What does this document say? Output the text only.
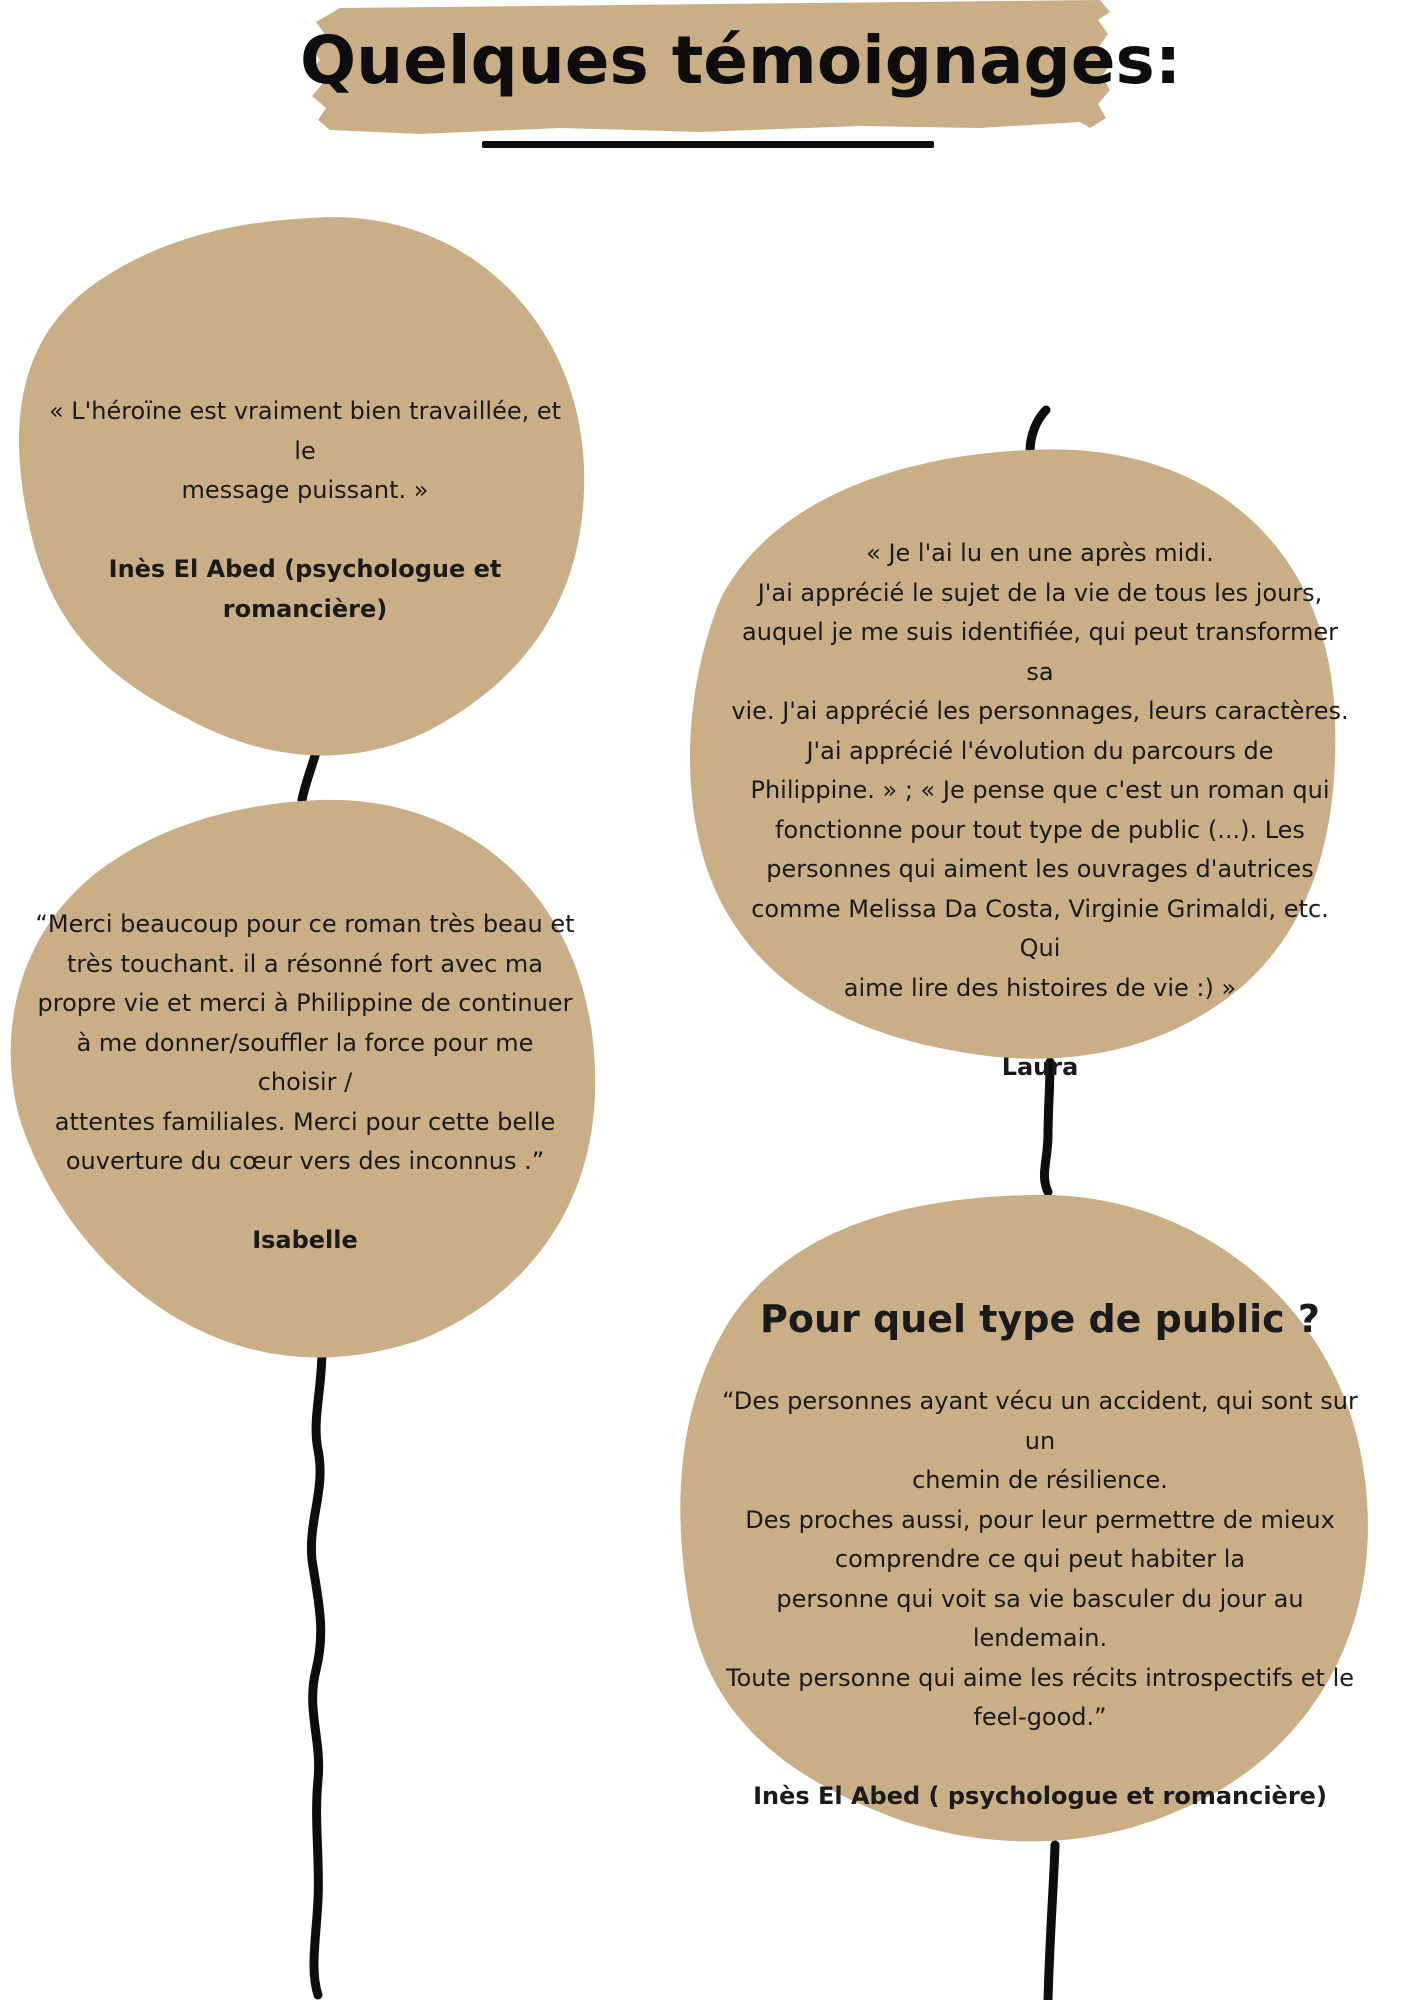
Quelques témoignages:

« L'héroïne est vraiment bien travaillée, et le

message puissant. »

Inès El Abed (psychologue et romancière)

« Je l'ai lu en une après midi.

J'ai apprécié le sujet de la vie de tous les jours,

auquel je me suis identifiée, qui peut transformer sa

vie. J'ai apprécié les personnages, leurs caractères.

J'ai apprécié l'évolution du parcours de

Philippine. » ; « Je pense que c'est un roman qui

fonctionne pour tout type de public (...). Les

personnes qui aiment les ouvrages d'autrices

comme Melissa Da Costa, Virginie Grimaldi, etc. Qui

aime lire des histoires de vie :) »

Laura

“Merci beaucoup pour ce roman très beau et

très touchant. il a résonné fort avec ma

propre vie et merci à Philippine de continuer

à me donner/souffler la force pour me

choisir /

attentes familiales. Merci pour cette belle

ouverture du cœur vers des inconnus .”

Isabelle

Pour quel type de public ?

“Des personnes ayant vécu un accident, qui sont sur un

chemin de résilience.

Des proches aussi, pour leur permettre de mieux

comprendre ce qui peut habiter la

personne qui voit sa vie basculer du jour au lendemain.

Toute personne qui aime les récits introspectifs et le

feel-good.”

Inès El Abed ( psychologue et romancière)
